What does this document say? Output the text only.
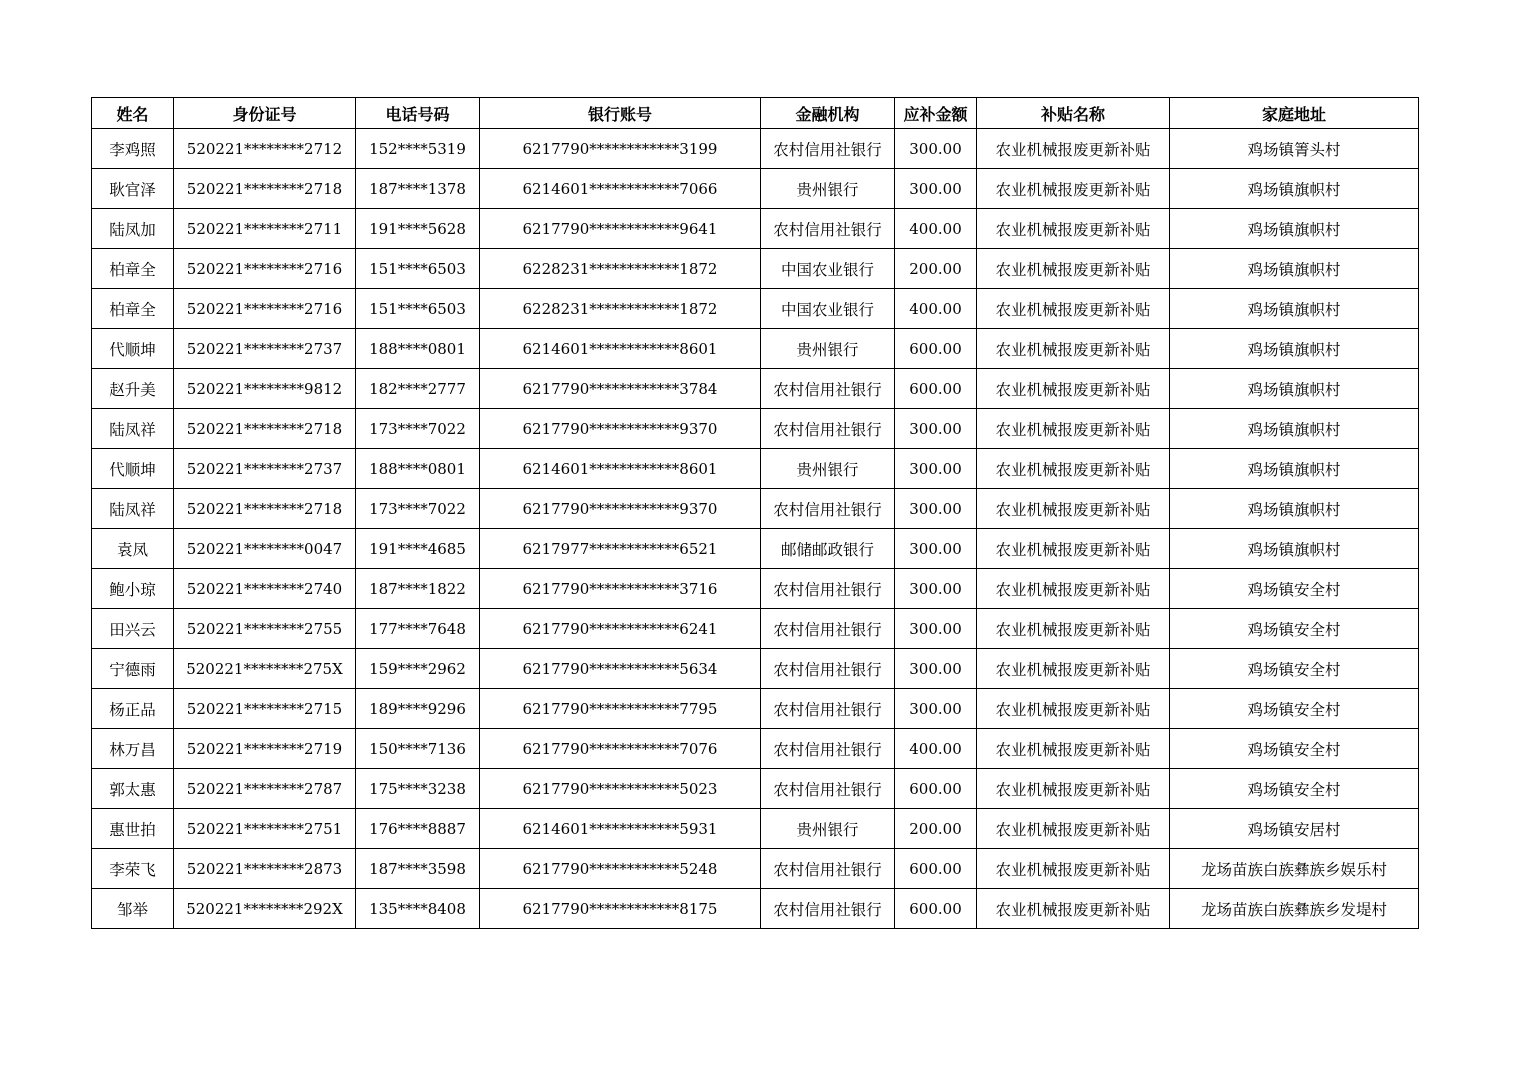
姓名	身份证号	电话号码	银行账号	金融机构	应补金额	补贴名称	家庭地址
李鸡照	520221********2712	152****5319	6217790************3199	农村信用社银行	300.00	农业机械报废更新补贴	鸡场镇箐头村
耿官泽	520221********2718	187****1378	6214601************7066	贵州银行	300.00	农业机械报废更新补贴	鸡场镇旗帜村
陆凤加	520221********2711	191****5628	6217790************9641	农村信用社银行	400.00	农业机械报废更新补贴	鸡场镇旗帜村
柏章全	520221********2716	151****6503	6228231************1872	中国农业银行	200.00	农业机械报废更新补贴	鸡场镇旗帜村
柏章全	520221********2716	151****6503	6228231************1872	中国农业银行	400.00	农业机械报废更新补贴	鸡场镇旗帜村
代顺坤	520221********2737	188****0801	6214601************8601	贵州银行	600.00	农业机械报废更新补贴	鸡场镇旗帜村
赵升美	520221********9812	182****2777	6217790************3784	农村信用社银行	600.00	农业机械报废更新补贴	鸡场镇旗帜村
陆凤祥	520221********2718	173****7022	6217790************9370	农村信用社银行	300.00	农业机械报废更新补贴	鸡场镇旗帜村
代顺坤	520221********2737	188****0801	6214601************8601	贵州银行	300.00	农业机械报废更新补贴	鸡场镇旗帜村
陆凤祥	520221********2718	173****7022	6217790************9370	农村信用社银行	300.00	农业机械报废更新补贴	鸡场镇旗帜村
袁凤	520221********0047	191****4685	6217977************6521	邮储邮政银行	300.00	农业机械报废更新补贴	鸡场镇旗帜村
鲍小琼	520221********2740	187****1822	6217790************3716	农村信用社银行	300.00	农业机械报废更新补贴	鸡场镇安全村
田兴云	520221********2755	177****7648	6217790************6241	农村信用社银行	300.00	农业机械报废更新补贴	鸡场镇安全村
宁德雨	520221********275X	159****2962	6217790************5634	农村信用社银行	300.00	农业机械报废更新补贴	鸡场镇安全村
杨正品	520221********2715	189****9296	6217790************7795	农村信用社银行	300.00	农业机械报废更新补贴	鸡场镇安全村
林万昌	520221********2719	150****7136	6217790************7076	农村信用社银行	400.00	农业机械报废更新补贴	鸡场镇安全村
郭太惠	520221********2787	175****3238	6217790************5023	农村信用社银行	600.00	农业机械报废更新补贴	鸡场镇安全村
惠世拍	520221********2751	176****8887	6214601************5931	贵州银行	200.00	农业机械报废更新补贴	鸡场镇安居村
李荣飞	520221********2873	187****3598	6217790************5248	农村信用社银行	600.00	农业机械报废更新补贴	龙场苗族白族彝族乡娱乐村
邹举	520221********292X	135****8408	6217790************8175	农村信用社银行	600.00	农业机械报废更新补贴	龙场苗族白族彝族乡发堤村
